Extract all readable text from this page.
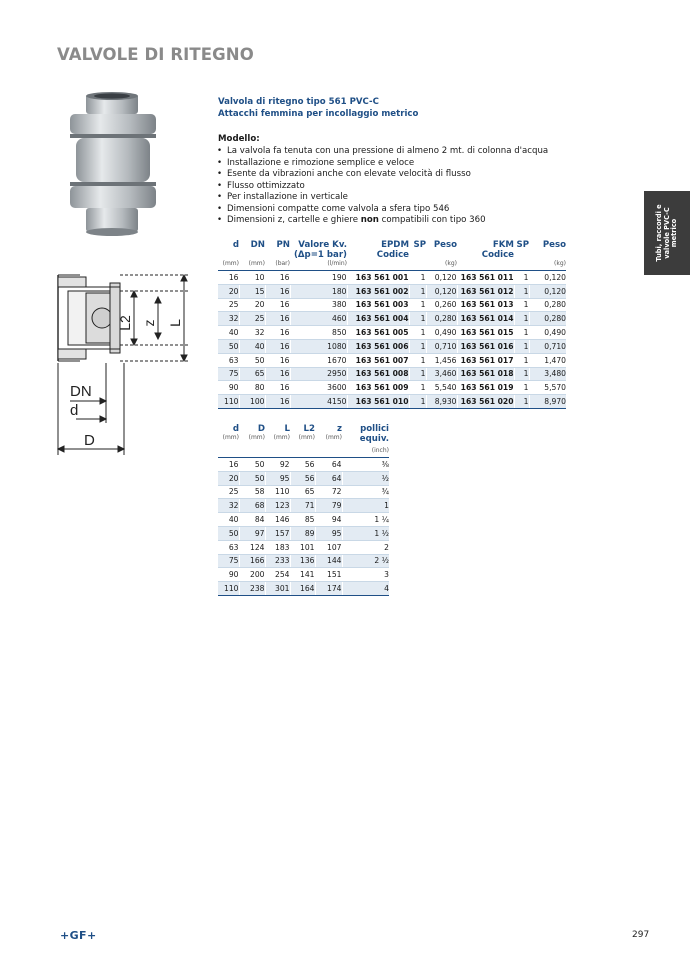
VALVOLE DI RITEGNO
Valvola di ritegno tipo 561 PVC-C
Attacchi femmina per incollaggio metrico
Modello:
• La valvola fa tenuta con una pressione di almeno 2 mt. di colonna d'acqua
• Installazione e rimozione semplice e veloce
• Esente da vibrazioni anche con elevate velocità di flusso
• Flusso ottimizzato
• Per installazione in verticale
• Dimensioni compatte come valvola a sfera tipo 546
• Dimensioni z, cartelle e ghiere non compatibili con tipo 360	Tubi, raccordi e valvole PVC-C metrico
DN
d
D
L2 z L
d	DN	PN	Valore Kv.	EPDM	SP	Peso	FKM	SP	Peso
			(Δp=1 bar)	Codice			Codice		
(mm)	(mm)	(bar)	(l/min)			(kg)			(kg)
16	10	16	190	163 561 001	1	0,120	163 561 011	1	0,120
20	15	16	180	163 561 002	1	0,120	163 561 012	1	0,120
25	20	16	380	163 561 003	1	0,260	163 561 013	1	0,280
32	25	16	460	163 561 004	1	0,280	163 561 014	1	0,280
40	32	16	850	163 561 005	1	0,490	163 561 015	1	0,490
50	40	16	1080	163 561 006	1	0,710	163 561 016	1	0,710
63	50	16	1670	163 561 007	1	1,456	163 561 017	1	1,470
75	65	16	2950	163 561 008	1	3,460	163 561 018	1	3,480
90	80	16	3600	163 561 009	1	5,540	163 561 019	1	5,570
110	100	16	4150	163 561 010	1	8,930	163 561 020	1	8,970
d	D	L	L2	z	pollici
(mm)	(mm)	(mm)	(mm)	(mm)	equiv.
					(inch)
16	50	92	56	64	⅜
20	50	95	56	64	½
25	58	110	65	72	¾
32	68	123	71	79	1
40	84	146	85	94	1 ¼
50	97	157	89	95	1 ½
63	124	183	101	107	2
75	166	233	136	144	2 ½
90	200	254	141	151	3
110	238	301	164	174	4
+GF+	297
